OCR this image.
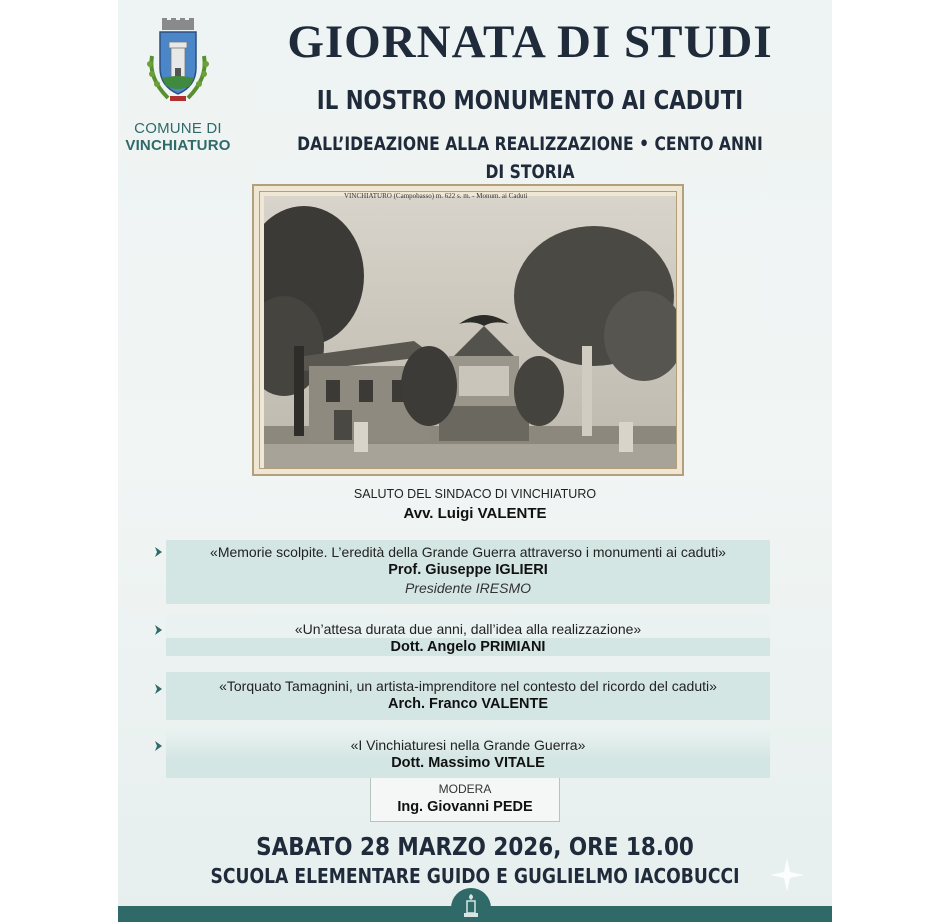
COMUNE DI
VINCHIATURO
GIORNATA DI STUDI
IL NOSTRO MONUMENTO AI CADUTI
DALL’IDEAZIONE ALLA REALIZZAZIONE • CENTO ANNI DI STORIA
VINCHIATURO (Campobasso) m. 622 s. m. - Monum. ai Caduti
SALUTO DEL SINDACO DI VINCHIATURO
Avv. Luigi VALENTE
«Memorie scolpite. L’eredità della Grande Guerra attraverso i monumenti ai caduti»
Prof. Giuseppe IGLIERI
Presidente IRESMO
«Un’attesa durata due anni, dall’idea alla realizzazione»
Dott. Angelo PRIMIANI
«Torquato Tamagnini, un artista-imprenditore nel contesto del ricordo del caduti»
Arch. Franco VALENTE
«I Vinchiaturesi nella Grande Guerra»
Dott. Massimo VITALE
MODERA
Ing. Giovanni PEDE
SABATO 28 MARZO 2026, ORE 18.00
SCUOLA ELEMENTARE GUIDO E GUGLIELMO IACOBUCCI
